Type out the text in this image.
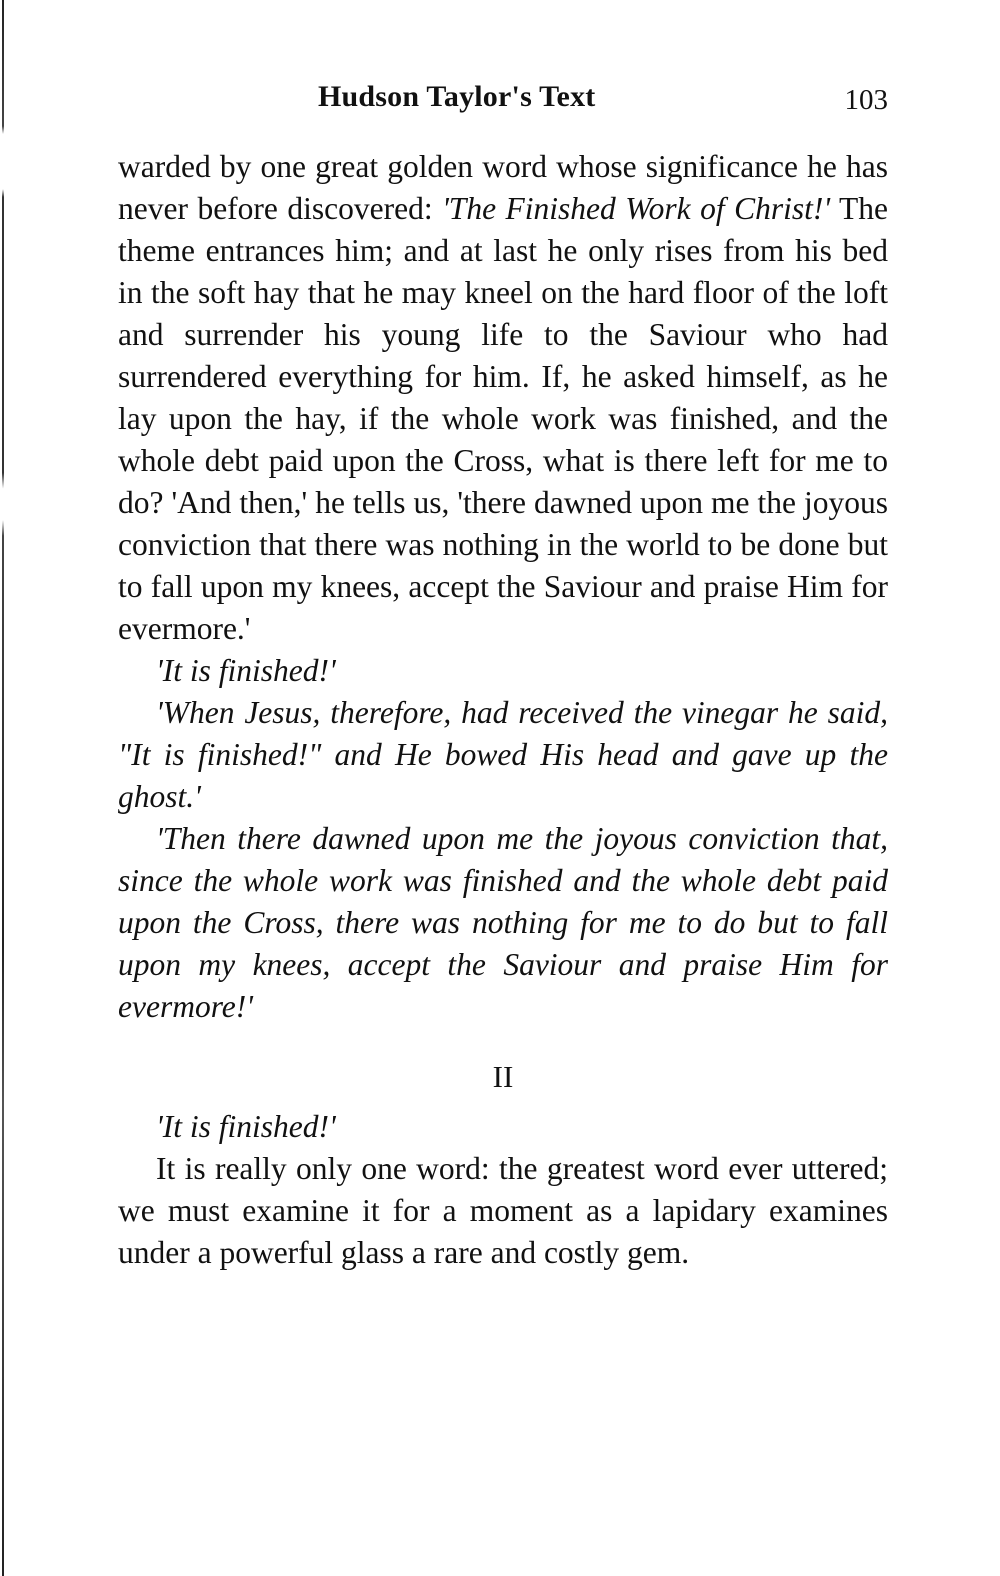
Hudson Taylor's Text	103

warded by one great golden word whose significance he has never before discovered: 'The Finished Work of Christ!' The theme entrances him; and at last he only rises from his bed in the soft hay that he may kneel on the hard floor of the loft and surrender his young life to the Saviour who had surrendered everything for him. If, he asked himself, as he lay upon the hay, if the whole work was finished, and the whole debt paid upon the Cross, what is there left for me to do? 'And then,' he tells us, 'there dawned upon me the joyous conviction that there was nothing in the world to be done but to fall upon my knees, accept the Saviour and praise Him for evermore.'

'It is finished!'

'When Jesus, therefore, had received the vinegar he said, "It is finished!" and He bowed His head and gave up the ghost.'

'Then there dawned upon me the joyous conviction that, since the whole work was finished and the whole debt paid upon the Cross, there was nothing for me to do but to fall upon my knees, accept the Saviour and praise Him for evermore!'

II

'It is finished!'

It is really only one word: the greatest word ever uttered; we must examine it for a moment as a lapidary examines under a powerful glass a rare and costly gem.
